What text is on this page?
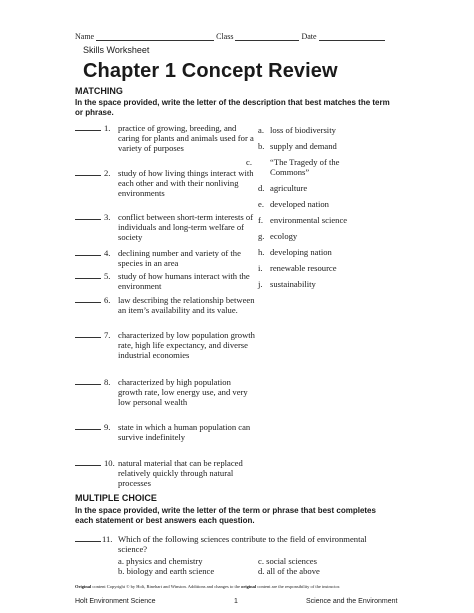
Name	Class	Date
Skills Worksheet
Chapter 1 Concept Review
MATCHING
In the space provided, write the letter of the description that best matches the term or phrase.
1. practice of growing, breeding, and caring for plants and animals used for a variety of purposes
2. study of how living things interact with each other and with their nonliving environments
3. conflict between short-term interests of individuals and long-term welfare of society
4. declining number and variety of the species in an area
5. study of how humans interact with the environment
6. law describing the relationship between an item’s availability and its value.
7. characterized by low population growth rate, high life expectancy, and diverse industrial economies
8. characterized by high population growth rate, low energy use, and very low personal wealth
9. state in which a human population can survive indefinitely
10. natural material that can be replaced relatively quickly through natural processes
a. loss of biodiversity
b. supply and demand
c. “The Tragedy of the Commons”
d. agriculture
e. developed nation
f. environmental science
g. ecology
h. developing nation
i. renewable resource
j. sustainability
MULTIPLE CHOICE
In the space provided, write the letter of the term or phrase that best completes each statement or best answers each question.
11. Which of the following sciences contribute to the field of environmental science?
a. physics and chemistry	c. social sciences
b. biology and earth science	d. all of the above
Original content Copyright © by Holt, Rinehart and Winston. Additions and changes to the original content are the responsibility of the instructor.
Holt Environment Science	1	Science and the Environment
